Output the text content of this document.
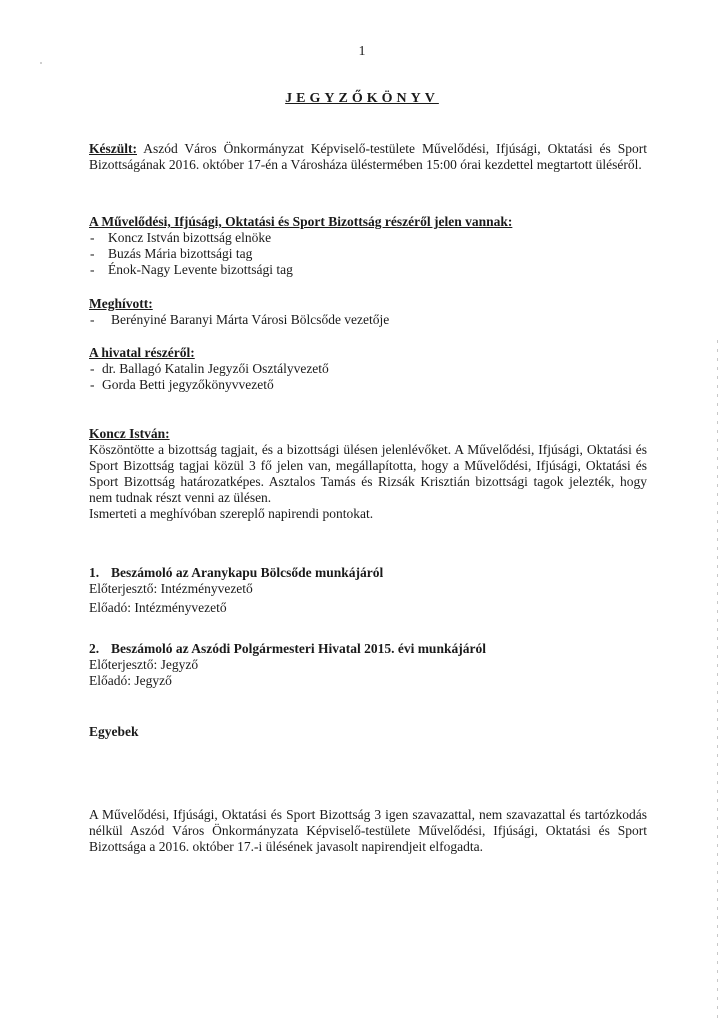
1
JEGYZŐKÖNYV
Készült: Aszód Város Önkormányzat Képviselő-testülete Művelődési, Ifjúsági, Oktatási és Sport Bizottságának 2016. október 17-én a Városháza üléstermében 15:00 órai kezdettel megtartott üléséről.
A Művelődési, Ifjúsági, Oktatási és Sport Bizottság részéről jelen vannak:
- Koncz István bizottság elnöke
- Buzás Mária bizottsági tag
- Énok-Nagy Levente bizottsági tag
Meghívott:
- Berényiné Baranyi Márta Városi Bölcsőde vezetője
A hivatal részéről:
- dr. Ballagó Katalin Jegyzői Osztályvezető
- Gorda Betti jegyzőkönyvvezető
Koncz István:
Köszöntötte a bizottság tagjait, és a bizottsági ülésen jelenlévőket. A Művelődési, Ifjúsági, Oktatási és Sport Bizottság tagjai közül 3 fő jelen van, megállapította, hogy a Művelődési, Ifjúsági, Oktatási és Sport Bizottság határozatképes. Asztalos Tamás és Rizsák Krisztián bizottsági tagok jelezték, hogy nem tudnak részt venni az ülésen.
Ismerteti a meghívóban szereplő napirendi pontokat.
1. Beszámoló az Aranykapu Bölcsőde munkájáról
Előterjesztő: Intézményvezető
Előadó: Intézményvezető
2. Beszámoló az Aszódi Polgármesteri Hivatal 2015. évi munkájáról
Előterjesztő: Jegyző
Előadó: Jegyző
Egyebek
A Művelődési, Ifjúsági, Oktatási és Sport Bizottság 3 igen szavazattal, nem szavazattal és tartózkodás nélkül Aszód Város Önkormányzata Képviselő-testülete Művelődési, Ifjúsági, Oktatási és Sport Bizottsága a 2016. október 17.-i ülésének javasolt napirendjeit elfogadta.
